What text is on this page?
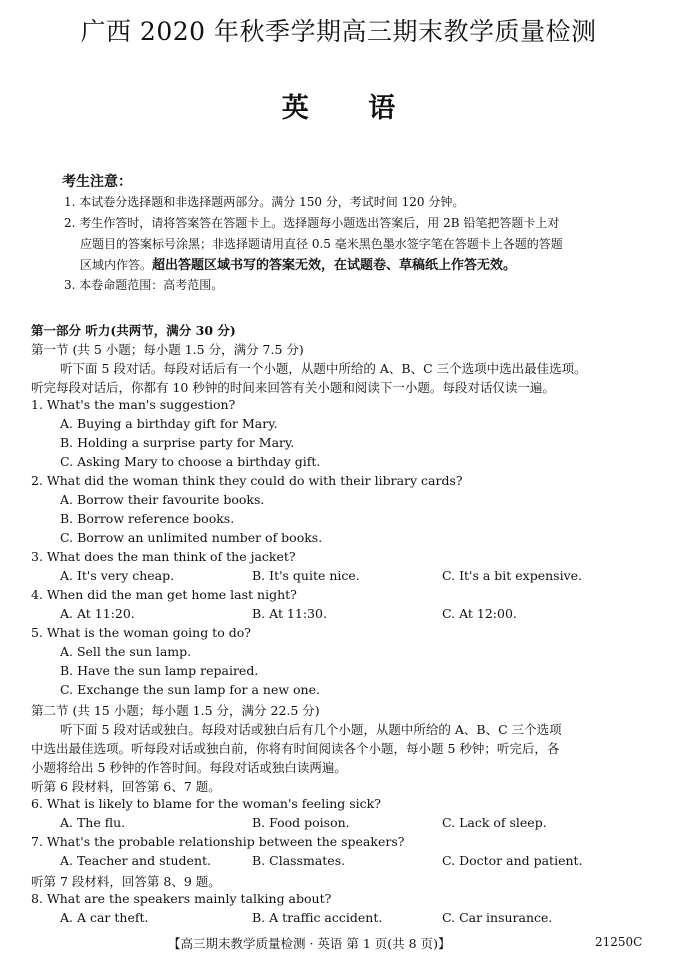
广西 2020 年秋季学期高三期末教学质量检测
英 语
考生注意：
1. 本试卷分选择题和非选择题两部分。满分 150 分，考试时间 120 分钟。
2. 考生作答时，请将答案答在答题卡上。选择题每小题选出答案后，用 2B 铅笔把答题卡上对
应题目的答案标号涂黑；非选择题请用直径 0.5 毫米黑色墨水签字笔在答题卡上各题的答题
区域内作答。超出答题区域书写的答案无效，在试题卷、草稿纸上作答无效。
3. 本卷命题范围：高考范围。
第一部分 听力(共两节，满分 30 分)
第一节 (共 5 小题；每小题 1.5 分，满分 7.5 分)
听下面 5 段对话。每段对话后有一个小题，从题中所给的 A、B、C 三个选项中选出最佳选项。
听完每段对话后，你都有 10 秒钟的时间来回答有关小题和阅读下一小题。每段对话仅读一遍。
1. What's the man's suggestion?
A. Buying a birthday gift for Mary.
B. Holding a surprise party for Mary.
C. Asking Mary to choose a birthday gift.
2. What did the woman think they could do with their library cards?
A. Borrow their favourite books.
B. Borrow reference books.
C. Borrow an unlimited number of books.
3. What does the man think of the jacket?
A. It's very cheap.	B. It's quite nice.	C. It's a bit expensive.
4. When did the man get home last night?
A. At 11:20.	B. At 11:30.	C. At 12:00.
5. What is the woman going to do?
A. Sell the sun lamp.
B. Have the sun lamp repaired.
C. Exchange the sun lamp for a new one.
第二节 (共 15 小题；每小题 1.5 分，满分 22.5 分)
听下面 5 段对话或独白。每段对话或独白后有几个小题，从题中所给的 A、B、C 三个选项
中选出最佳选项。听每段对话或独白前，你将有时间阅读各个小题，每小题 5 秒钟；听完后，各
小题将给出 5 秒钟的作答时间。每段对话或独白读两遍。
听第 6 段材料，回答第 6、7 题。
6. What is likely to blame for the woman's feeling sick?
A. The flu.	B. Food poison.	C. Lack of sleep.
7. What's the probable relationship between the speakers?
A. Teacher and student.	B. Classmates.	C. Doctor and patient.
听第 7 段材料，回答第 8、9 题。
8. What are the speakers mainly talking about?
A. A car theft.	B. A traffic accident.	C. Car insurance.
【高三期末教学质量检测 · 英语 第 1 页(共 8 页)】	21250C
